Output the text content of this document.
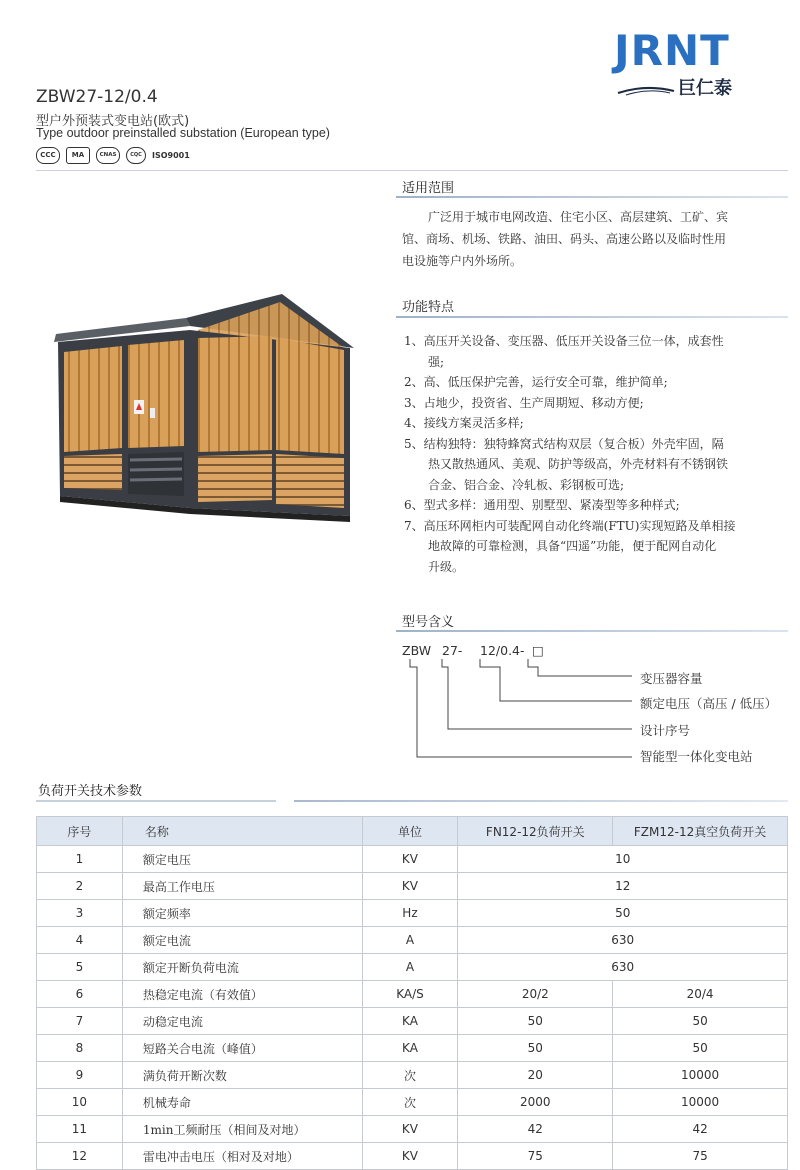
JRNT
巨仁泰
ZBW27-12/0.4
型户外预装式变电站(欧式)
Type outdoor preinstalled substation (European type)
CCC MA	CNAS	CQC ISO9001
适用范围
广泛用于城市电网改造、住宅小区、高层建筑、工矿、宾
馆、商场、机场、铁路、油田、码头、高速公路以及临时性用
电设施等户内外场所。
功能特点
1、高压开关设备、变压器、低压开关设备三位一体，成套性
强;
2、高、低压保护完善，运行安全可靠，维护简单;
3、占地少，投资省、生产周期短、移动方便;
4、接线方案灵活多样;
5、结构独特：独特蜂窝式结构双层（复合板）外壳牢固，隔
热又散热通风、美观、防护等级高，外壳材料有不锈钢铁
合金、铝合金、冷轧板、彩钢板可选;
6、型式多样：通用型、别墅型、紧凑型等多种样式;
7、高压环网柜内可装配网自动化终端(FTU)实现短路及单相接
地故障的可靠检测，具备“四遥”功能，便于配网自动化
升级。
型号含义
ZBW 27- 12/0.4- □
变压器容量
额定电压（高压 / 低压）
设计序号
智能型一体化变电站
负荷开关技术参数
序号	名称	单位	FN12-12负荷开关	FZM12-12真空负荷开关
1	额定电压	KV	10	
2	最高工作电压	KV	12	
3	额定频率	Hz	50	
4	额定电流	A	630	
5	额定开断负荷电流	A	630	
6	热稳定电流（有效值）	KA/S	20/2	20/4
7	动稳定电流	KA	50	50
8	短路关合电流（峰值）	KA	50	50
9	满负荷开断次数	次	20	10000
10	机械寿命	次	2000	10000
11	1min工频耐压（相间及对地）	KV	42	42
12	雷电冲击电压（相对及对地）	KV	75	75
